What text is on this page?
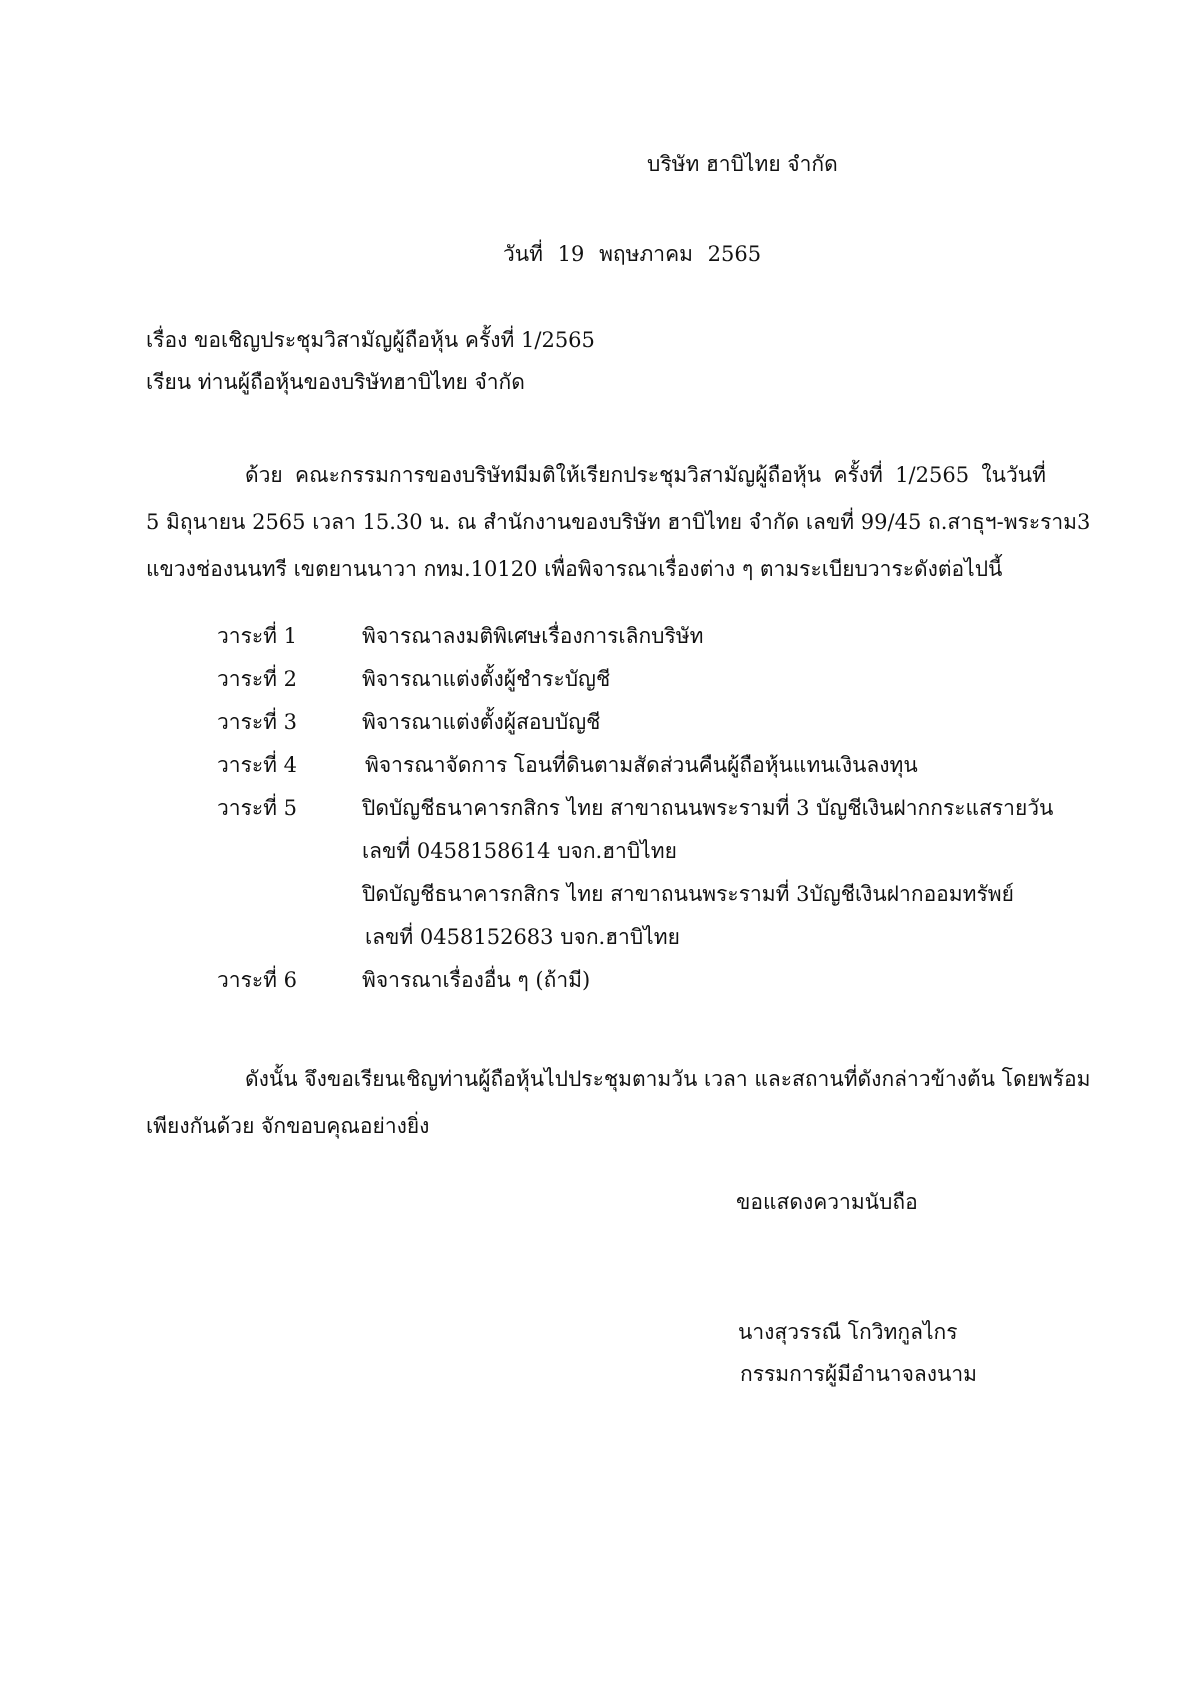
บริษัท ฮาบิไทย จำกัด
วันที่ 19 พฤษภาคม 2565
เรื่อง ขอเชิญประชุมวิสามัญผู้ถือหุ้น ครั้งที่ 1/2565
เรียน ท่านผู้ถือหุ้นของบริษัทฮาบิไทย จำกัด
ด้วย คณะกรรมการของบริษัทมีมติให้เรียกประชุมวิสามัญผู้ถือหุ้น ครั้งที่ 1/2565 ในวันที่
5 มิถุนายน 2565 เวลา 15.30 น. ณ สำนักงานของบริษัท ฮาบิไทย จำกัด เลขที่ 99/45 ถ.สาธุฯ-พระราม3
แขวงช่องนนทรี เขตยานนาวา กทม.10120 เพื่อพิจารณาเรื่องต่าง ๆ ตามระเบียบวาระดังต่อไปนี้
วาระที่ 1	พิจารณาลงมติพิเศษเรื่องการเลิกบริษัท
วาระที่ 2	พิจารณาแต่งตั้งผู้ชำระบัญชี
วาระที่ 3	พิจารณาแต่งตั้งผู้สอบบัญชี
วาระที่ 4	พิจารณาจัดการ โอนที่ดินตามสัดส่วนคืนผู้ถือหุ้นแทนเงินลงทุน
วาระที่ 5	ปิดบัญชีธนาคารกสิกร ไทย สาขาถนนพระรามที่ 3 บัญชีเงินฝากกระแสรายวัน
เลขที่ 0458158614 บจก.ฮาบิไทย
ปิดบัญชีธนาคารกสิกร ไทย สาขาถนนพระรามที่ 3บัญชีเงินฝากออมทรัพย์
เลขที่ 0458152683 บจก.ฮาบิไทย
วาระที่ 6	พิจารณาเรื่องอื่น ๆ (ถ้ามี)
ดังนั้น จึงขอเรียนเชิญท่านผู้ถือหุ้นไปประชุมตามวัน เวลา และสถานที่ดังกล่าวข้างต้น โดยพร้อม
เพียงกันด้วย จักขอบคุณอย่างยิ่ง
ขอแสดงความนับถือ
นางสุวรรณี โกวิทกูลไกร
กรรมการผู้มีอำนาจลงนาม
